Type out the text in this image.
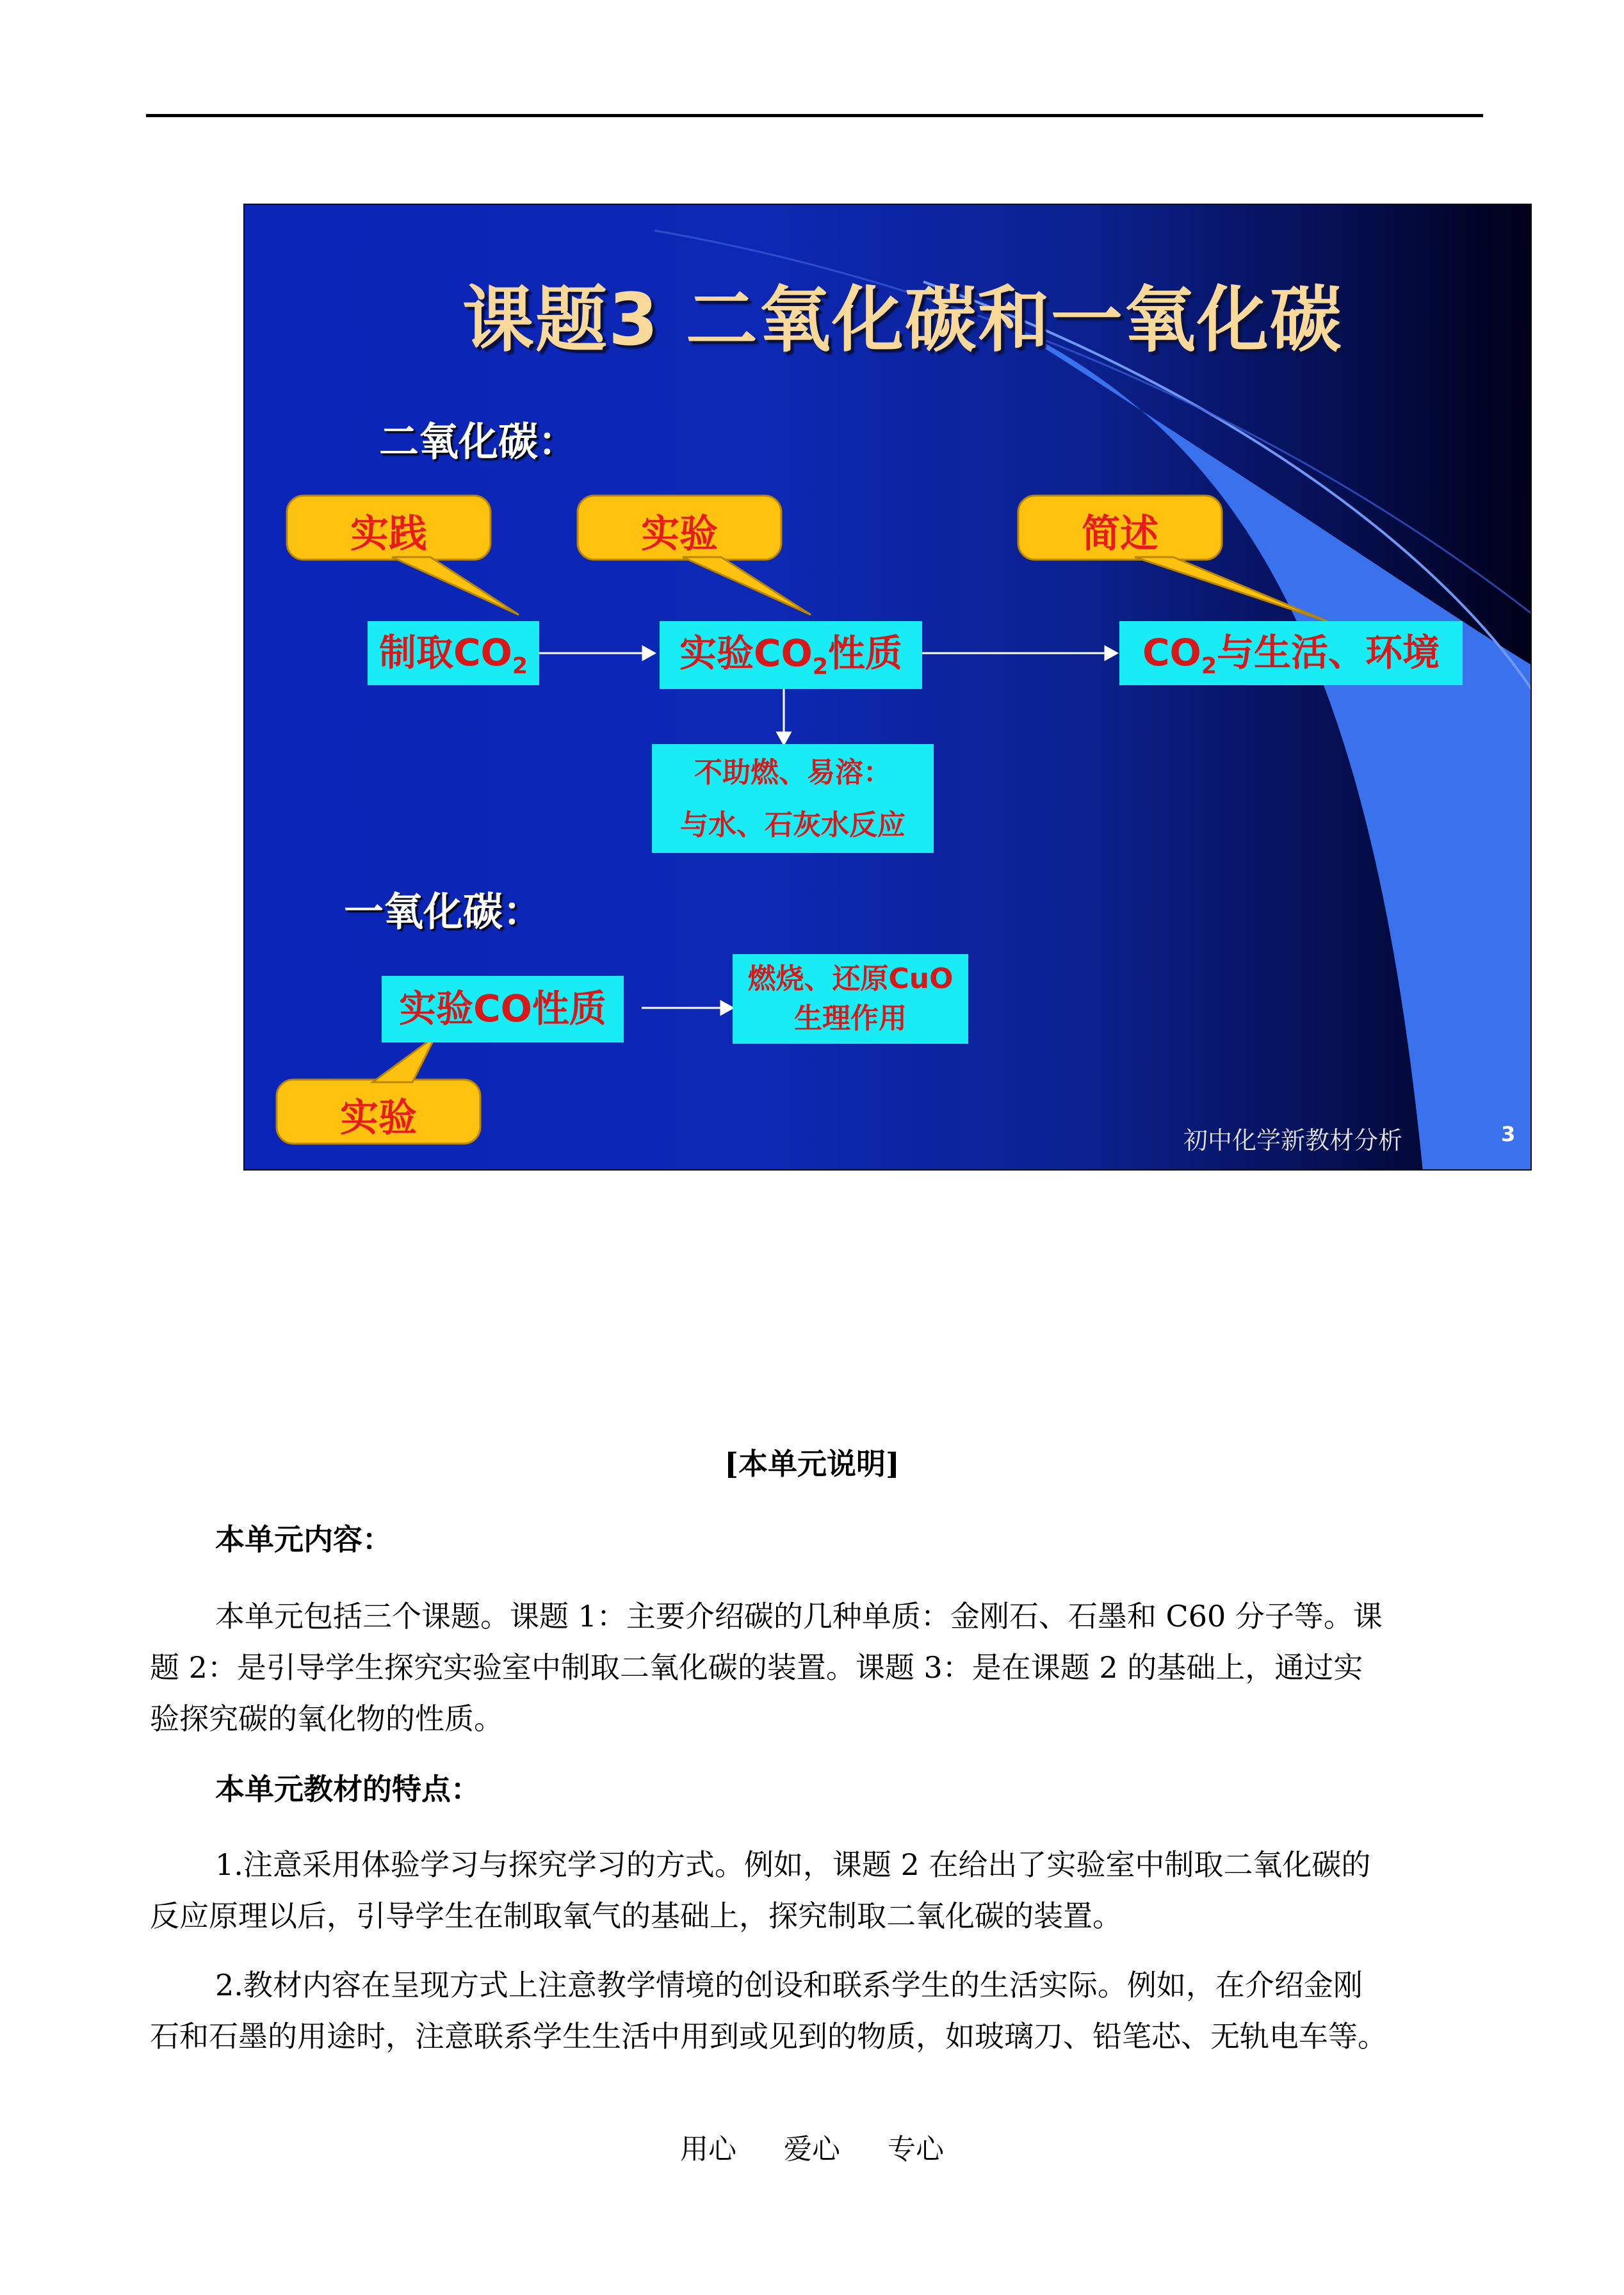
课题3 二氧化碳和一氧化碳
二氧化碳：
一氧化碳：
实践	实验	简述
实验
制取$CO_2$	实验$CO_2$性质	$CO_2$与生活、环境
不助燃、易溶：
与水、石灰水反应
实验CO性质
燃烧、还原CuO
生理作用
初中化学新教材分析	3
[本单元说明]
本单元内容：
本单元包括三个课题。课题 1：主要介绍碳的几种单质：金刚石、石墨和 C60 分子等。课
题 2：是引导学生探究实验室中制取二氧化碳的装置。课题 3：是在课题 2 的基础上，通过实
验探究碳的氧化物的性质。
本单元教材的特点：
1.注意采用体验学习与探究学习的方式。例如，课题 2 在给出了实验室中制取二氧化碳的
反应原理以后，引导学生在制取氧气的基础上，探究制取二氧化碳的装置。
2.教材内容在呈现方式上注意教学情境的创设和联系学生的生活实际。例如，在介绍金刚
石和石墨的用途时，注意联系学生生活中用到或见到的物质，如玻璃刀、铅笔芯、无轨电车等。
用心 爱心 专心
